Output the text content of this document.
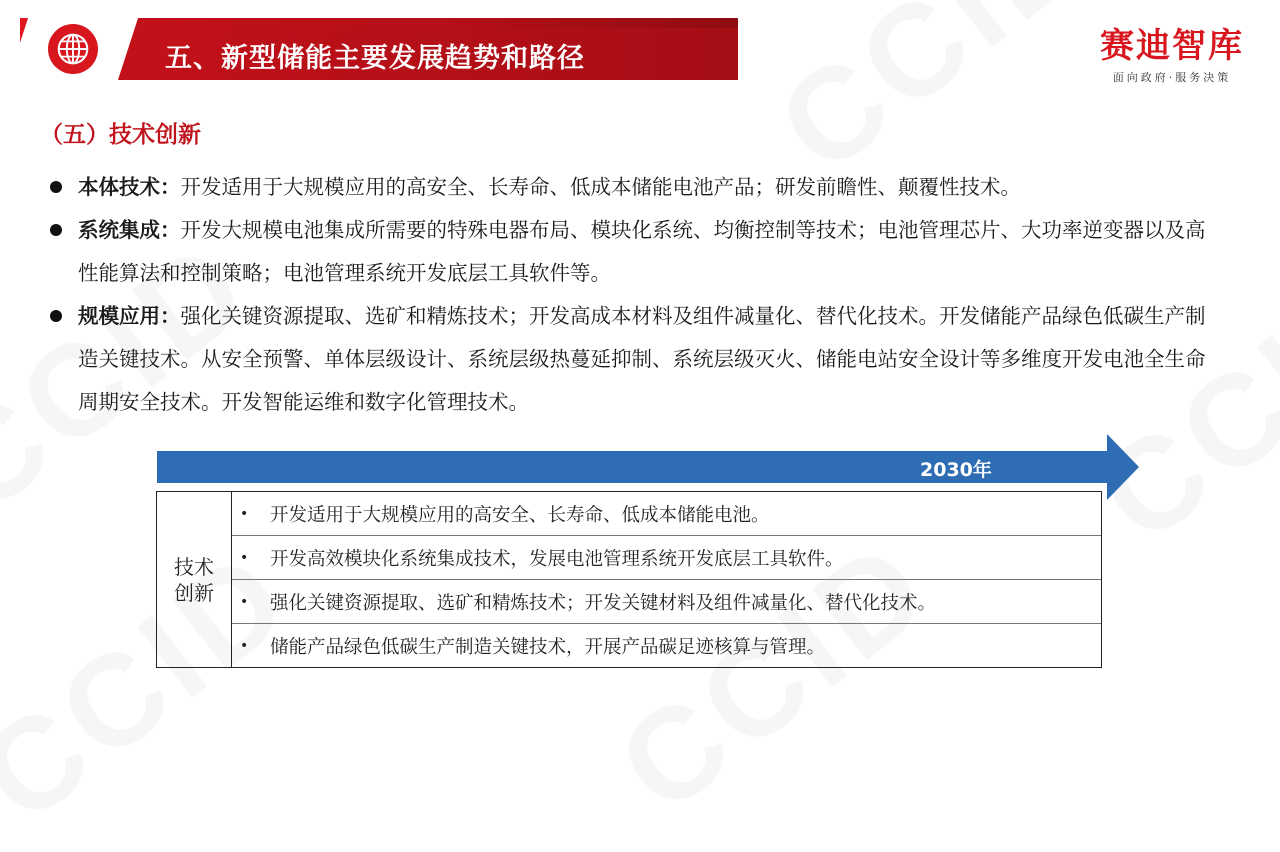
五、新型储能主要发展趋势和路径	赛迪智库
面向政府·服务决策
（五）技术创新

本体技术：开发适用于大规模应用的高安全、长寿命、低成本储能电池产品；研发前瞻性、颠覆性技术。

系统集成：开发大规模电池集成所需要的特殊电器布局、模块化系统、均衡控制等技术；电池管理芯片、大功率逆变器以及高性能算法和控制策略；电池管理系统开发底层工具软件等。

规模应用：强化关键资源提取、选矿和精炼技术；开发高成本材料及组件减量化、替代化技术。开发储能产品绿色低碳生产制造关键技术。从安全预警、单体层级设计、系统层级热蔓延抑制、系统层级灭火、储能电站安全设计等多维度开发电池全生命周期安全技术。开发智能运维和数字化管理技术。

2030年
技术
创新
•	开发适用于大规模应用的高安全、长寿命、低成本储能电池。
•	开发高效模块化系统集成技术，发展电池管理系统开发底层工具软件。
•	强化关键资源提取、选矿和精炼技术；开发关键材料及组件减量化、替代化技术。
•	储能产品绿色低碳生产制造关键技术，开展产品碳足迹核算与管理。
